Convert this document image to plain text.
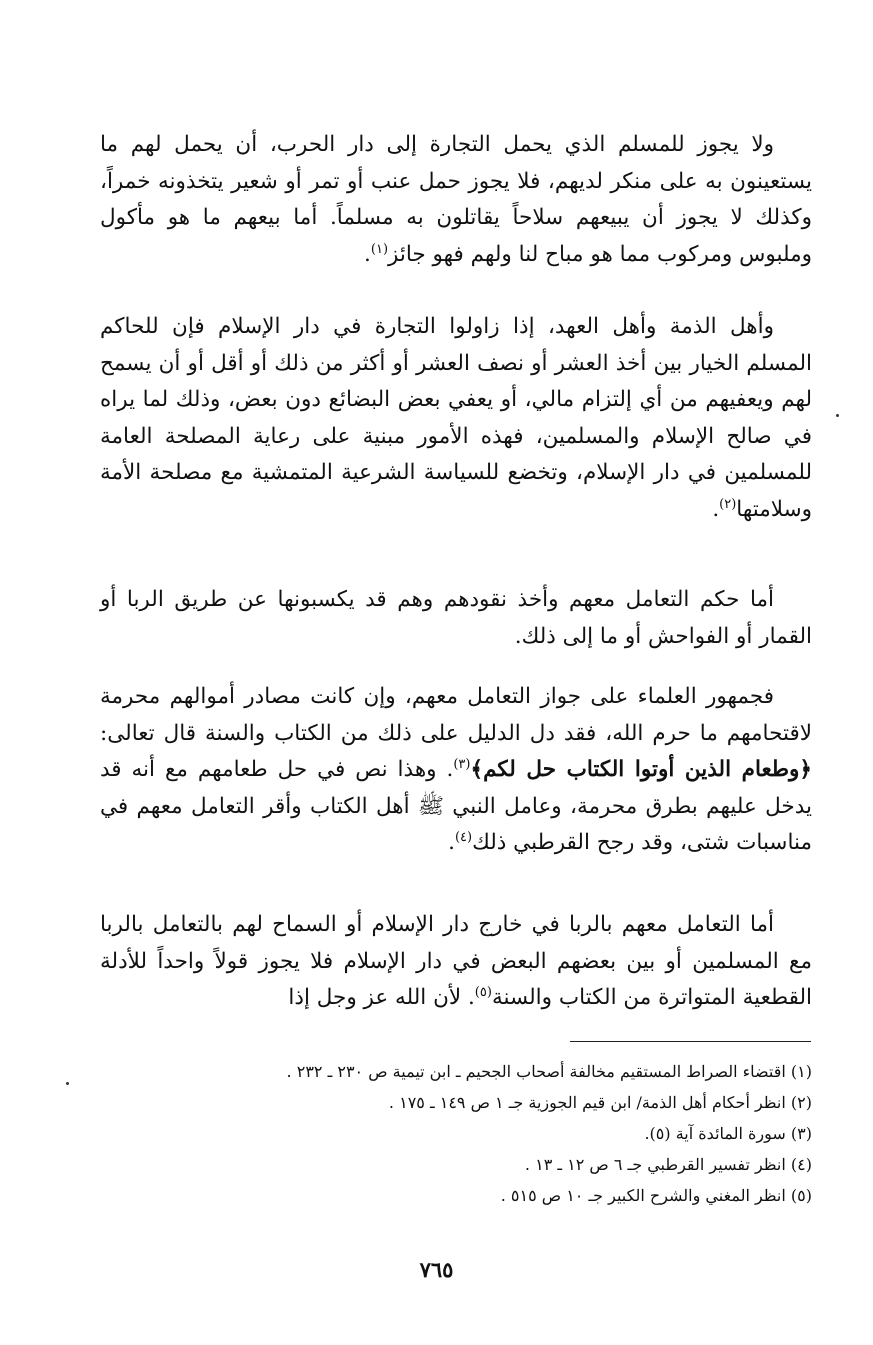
ولا يجوز للمسلم الذي يحمل التجارة إلى دار الحرب، أن يحمل لهم ما يستعينون به على منكر لديهم، فلا يجوز حمل عنب أو تمر أو شعير يتخذونه خمراً، وكذلك لا يجوز أن يبيعهم سلاحاً يقاتلون به مسلماً. أما بيعهم ما هو مأكول وملبوس ومركوب مما هو مباح لنا ولهم فهو جائز$^{(١)}$.

وأهل الذمة وأهل العهد، إذا زاولوا التجارة في دار الإسلام فإن للحاكم المسلم الخيار بين أخذ العشر أو نصف العشر أو أكثر من ذلك أو أقل أو أن يسمح لهم ويعفيهم من أي إلتزام مالي، أو يعفي بعض البضائع دون بعض، وذلك لما يراه في صالح الإسلام والمسلمين، فهذه الأمور مبنية على رعاية المصلحة العامة للمسلمين في دار الإسلام، وتخضع للسياسة الشرعية المتمشية مع مصلحة الأمة وسلامتها$^{(٢)}$.

أما حكم التعامل معهم وأخذ نقودهم وهم قد يكسبونها عن طريق الربا أو القمار أو الفواحش أو ما إلى ذلك.

فجمهور العلماء على جواز التعامل معهم، وإن كانت مصادر أموالهم محرمة لاقتحامهم ما حرم الله، فقد دل الدليل على ذلك من الكتاب والسنة قال تعالى: ﴿وطعام الذين أوتوا الكتاب حل لكم﴾$^{(٣)}$. وهذا نص في حل طعامهم مع أنه قد يدخل عليهم بطرق محرمة، وعامل النبي ﷺ أهل الكتاب وأقر التعامل معهم في مناسبات شتى، وقد رجح القرطبي ذلك$^{(٤)}$.

أما التعامل معهم بالربا في خارج دار الإسلام أو السماح لهم بالتعامل بالربا مع المسلمين أو بين بعضهم البعض في دار الإسلام فلا يجوز قولاً واحداً للأدلة القطعية المتواترة من الكتاب والسنة$^{(٥)}$. لأن الله عز وجل إذا

(١) اقتضاء الصراط المستقيم مخالفة أصحاب الجحيم ـ ابن تيمية ص ٢٣٠ ـ ٢٣٢ .
(٢) انظر أحكام أهل الذمة/ ابن قيم الجوزية جـ ١ ص ١٤٩ ـ ١٧٥ .
(٣) سورة المائدة آية (٥).
(٤) انظر تفسير القرطبي جـ ٦ ص ١٢ ـ ١٣ .
(٥) انظر المغني والشرح الكبير جـ ١٠ ص ٥١٥ .
٧٦٥
